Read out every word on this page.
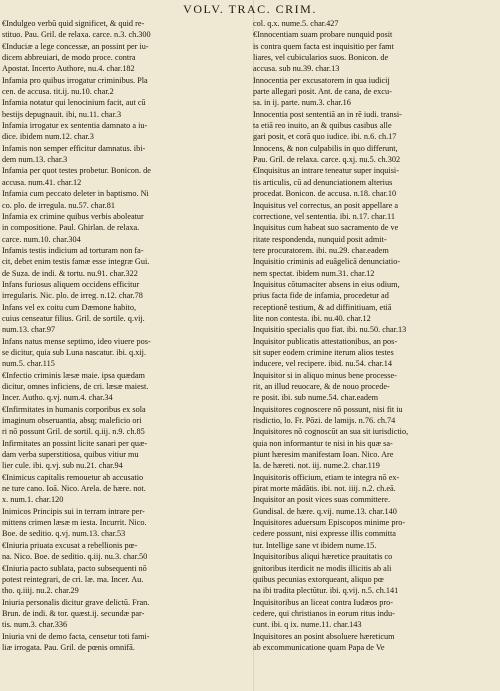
VOLV. TRAC. CRIM.
€Indulgeo verbū quid significet, & quid re-
stituo. Pau. Gril. de relaxa. carce. n.3. ch.300
€Induciæ a lege concessæ, an possint per iu-
dicem abbreuiari, de modo proce. contra
Apostat. Incerto Authore, nu.4. char.182
Infamia pro quibus irrogatur criminibus. Pla
cen. de accusa. tit.ij. nu.10. char.2
Infamia notatur qui lenocinium facit, aut cū
bestijs depugnauit. ibi, nu.11. char.3
Infamia irrogatur ex sententia damnato a iu-
dice. ibidem num.12. char.3
Infamis non semper efficitur damnatus. ibi-
dem num.13. char.3
Infamia per quot testes probetur. Bonicon. de
accusa. num.41. char.12
Infamia cum peccato deleter in baptismo. Ni
co. plo. de irregula. nu.57. char.81
Infamia ex crimine quibus verbis aboleatur
in compositione. Paul. Ghirlan. de relaxa.
carce. num.10. char.304
Infamis testis indicium ad torturam non fa-
cit, debet enim testis famæ esse integræ Gui.
de Suza. de indi. & tortu. nu.91. char.322
Infans furiosus aliquem occidens efficitur
irregularis. Nic. plo. de irreg. n.12. char.78
Infans vel ex coitu cum Dæmone habito,
cuius censeatur filius. Gril. de sortile. q.vij.
num.13. char.97
Infans natus mense septimo, ideo viuere pos-
se dicitur, quia sub Luna nascatur. ibi. q.xij.
num.5. char.115
€Infectio criminis læsæ maie. ipsa quædam
dicitur, omnes inficiens, de cri. læsæ maiest.
Incer. Autho. q.vj. num.4. char.34
€Infirmitates in humanis corporibus ex sola
imaginum obseruantia, absq; maleficio ori
ri nō possunt Gril. de sortil. q.iij. n.9. ch.85
Infirmitates an possint licite sanari per quæ-
dam verba superstitiosa, quibus vitiur mu
lier cule. ibi. q.vj. sub nu.21. char.94
€Inimicus capitalis remouetur ab accusatio
ne ture cano. Ioā. Nico. Arela. de hære. not.
x. num.1. char.120
Inimicos Principis sui in terram intrare per-
mittens crimen læsæ m iesta. Incurrit. Nico.
Boe. de seditio. q.vj. num.13. char.53
€Iniuria priuata excusat a rebellionis pœ-
na. Nico. Boe. de seditio. q.iij. nu.3. char.50
€Iniuria pacto sublata, pacto subsequenti nō
potest reintegrari, de cri. læ. ma. Incer. Au.
tho. q.iiij. nu.2. char.29
Iniuria personalis dicitur grave delictū. Fran.
Brun. de indi. & tor. quæst.ij. secundæ par-
tis. num.3. char.336
Iniuria vni de demo facta, censetur toti fami-
liæ irrogata. Pau. Gril. de pœnis omnifā.
col. q.x. nume.5. char.427
€Innocentiam suam probare nunquid posit
is contra quem facta est inquisitio per famt
liares, vel cubicularios suos. Bonicon. de
accusa. sub nu.39. char.13
Innocentia per excusatorem in qua iudicij
parte allegari posit. Ant. de cana, de excu-
sa. in ij. parte. num.3. char.16
Innocentia post sententiā an in rē iudi. transi-
ta etiā reo inuito, an & quibus casibus alle
gari posit, et corā quo iudice. ibi. n.6. ch.17
Innocens, & non culpabilis in quo differunt,
Pau. Gril. de relaxa. carce. q.xj. nu.5. ch.302
€Inquisitus an intrare teneatur super inquisi-
tis articulis, cū ad denunciationem alterius
procedat. Bonicon. de accusa. n.18. char.10
Inquisitus vel correctus, an posit appellare a
correctione, vel sententia. ibi. n.17. char.11
Inquisitus cum habeat suo sacramento de ve
ritate respondenda, nunquid posit admit-
tere procuratorem. ibi. nu.29. char.eadem
Inquisitio criminis ad euāgelicā denunciatio-
nem spectat. ibidem num.31. char.12
Inquisitus cōtumaciter absens in eius odium,
prius facta fide de infamia, procedetur ad
receptionē testium, & ad diffinitiuam, etiā
lite non contesta. ibi. nu.40. char.12
Inquisitio specialis quo fiat. ibi. nu.50. char.13
Inquisitor publicatis attestationibus, an pos-
sit super eodem crimine iterum alios testes
inducere, vel recipere. ibid. nu.54. char.14
Inquisitor si in aliquo minus bene processe-
rit, an illud reuocare, & de nouo procede-
re posit. ibi. sub nume.54. char.eadem
Inquisitores cognoscere nō possunt, nisi fit iu
risdictio, lo. Fr. Pōzi. de lamijs. n.76. ch.74
Inquisitores nō cognoscūt an sua sit iurisdictio,
quia non informantur te nisi in his quæ sa-
piunt hæresim manifestam Ioan. Nico. Are
la. de hæreti. not. iij. nume.2. char.119
Inquisitoris officium, etiam te integra nō ex-
pirat morte mādātis. ibi. not. iiij. n.2. ch.eā.
Inquisitor an posit vices suas committere.
Gundisal. de hære. q.vij. nume.13. char.140
Inquisitores aduersum Episcopos minime pro-
cedere possunt, nisi expresse illis committa
tur. Intellige sane vt ibidem nume.15.
Inquisitoribus aliqui hæretice prauitatis co
gnitoribus iterdicit ne modis illicitis ab ali
quibus pecunias extorqueant, aliquo pœ
na ibi tradita plectūtur. ibi. q.vij. n.5. ch.141
Inquisitoribus an liceat contra Iudæos pro-
cedere, qui christianos in eorum ritus indu-
cunt. ibi. q ix. nume.11. char.143
Inquisitores an posint absoluere hæreticum
ab excommunicatione quam Papa de Ve
